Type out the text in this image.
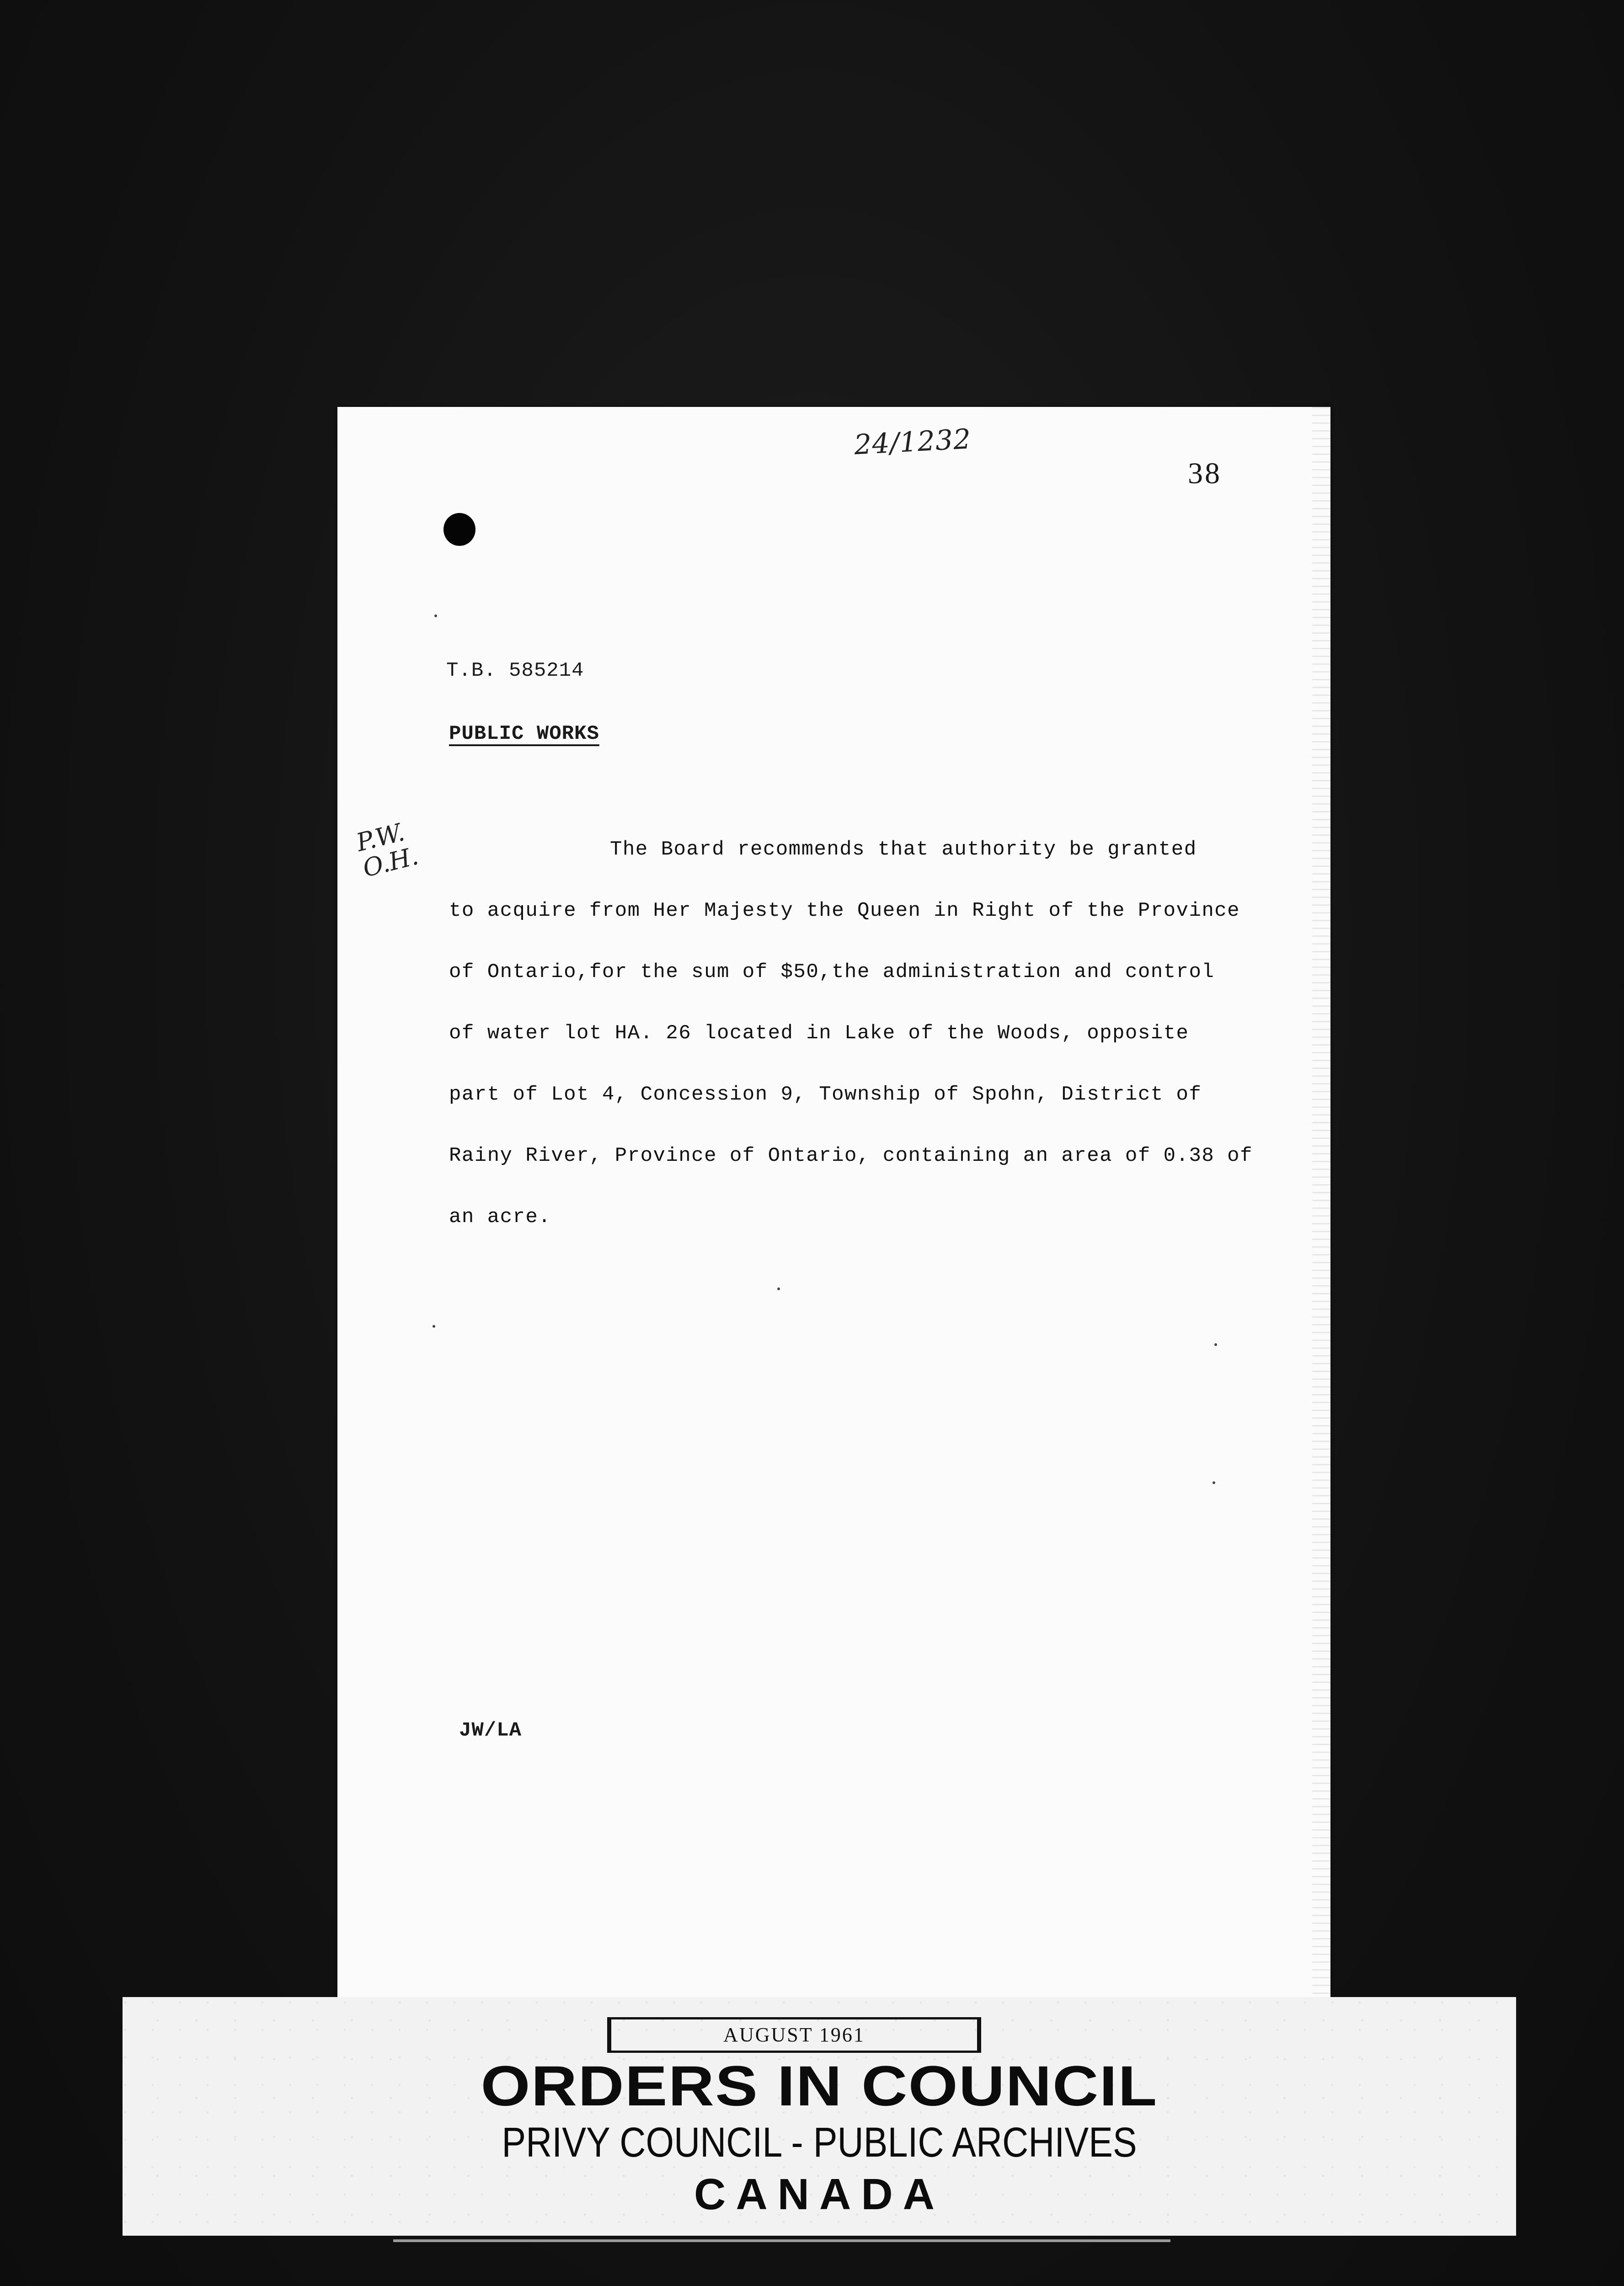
24/1232
38
P.W.
O.H.
T.B. 585214
PUBLIC WORKS
The Board recommends that authority be granted
to acquire from Her Majesty the Queen in Right of the Province
of Ontario,for the sum of $50,the administration and control
of water lot HA. 26 located in Lake of the Woods, opposite
part of Lot 4, Concession 9, Township of Spohn, District of
Rainy River, Province of Ontario, containing an area of 0.38 of
an acre.
JW/LA
AUGUST 1961
ORDERS IN COUNCIL
PRIVY COUNCIL - PUBLIC ARCHIVES
CANADA
